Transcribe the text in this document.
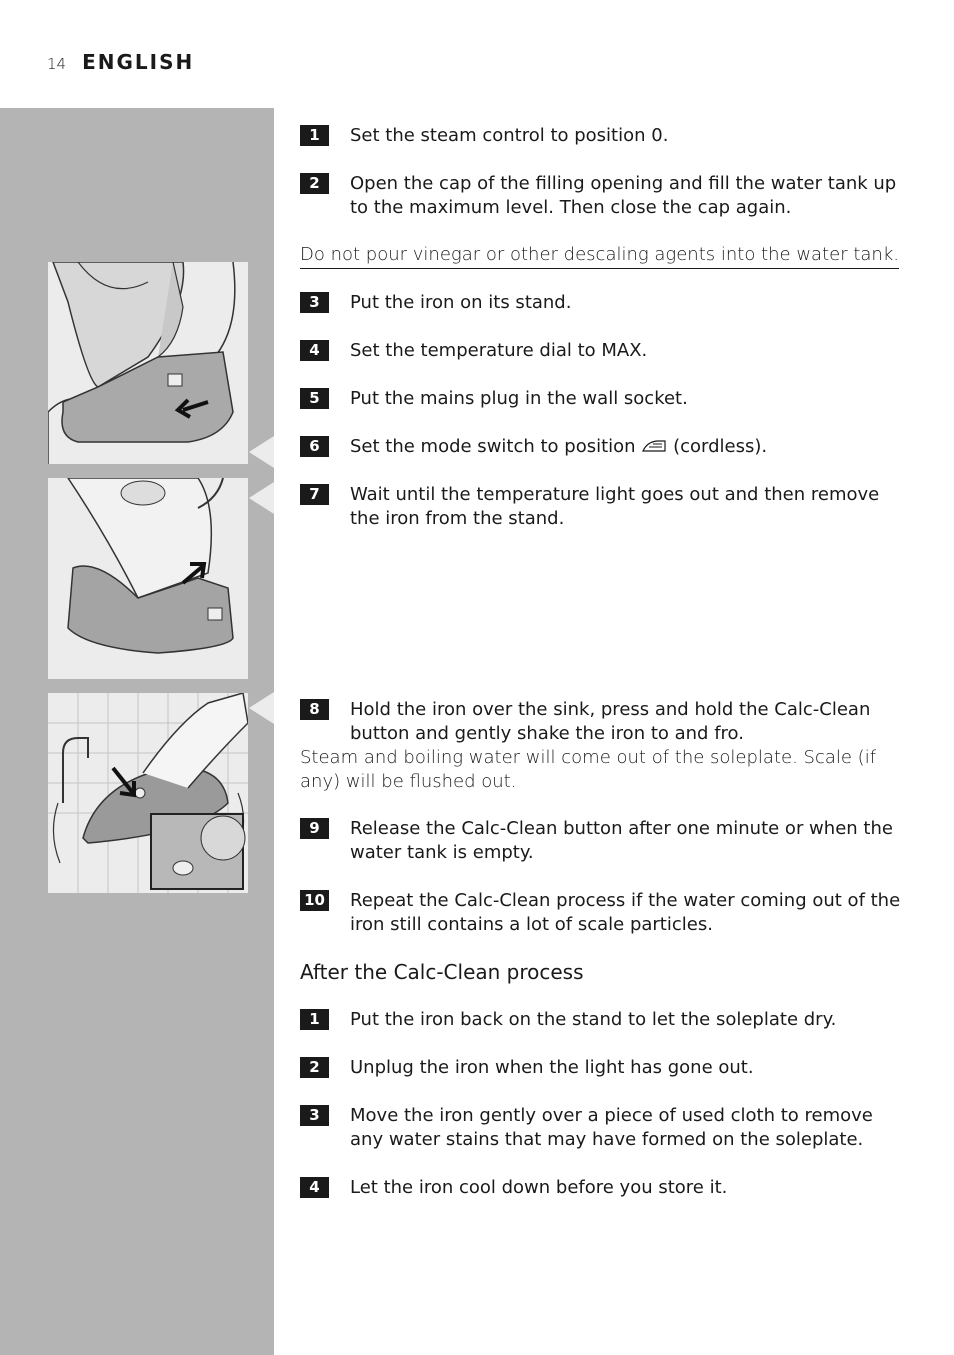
14 ENGLISH
1	Set the steam control to position 0.
2	Open the cap of the filling opening and fill the water tank up to the maximum level. Then close the cap again.
Do not pour vinegar or other descaling agents into the water tank.
3	Put the iron on its stand.
4	Set the temperature dial to MAX.
5	Put the mains plug in the wall socket.
6	Set the mode switch to position (cordless).
7	Wait until the temperature light goes out and then remove the iron from the stand.
8	Hold the iron over the sink, press and hold the Calc-Clean button and gently shake the iron to and fro.
Steam and boiling water will come out of the soleplate. Scale (if any) will be flushed out.
9	Release the Calc-Clean button after one minute or when the water tank is empty.
10 Repeat the Calc-Clean process if the water coming out of the iron still contains a lot of scale particles.
After the Calc-Clean process
1	Put the iron back on the stand to let the soleplate dry.
2	Unplug the iron when the light has gone out.
3	Move the iron gently over a piece of used cloth to remove any water stains that may have formed on the soleplate.
4	Let the iron cool down before you store it.
